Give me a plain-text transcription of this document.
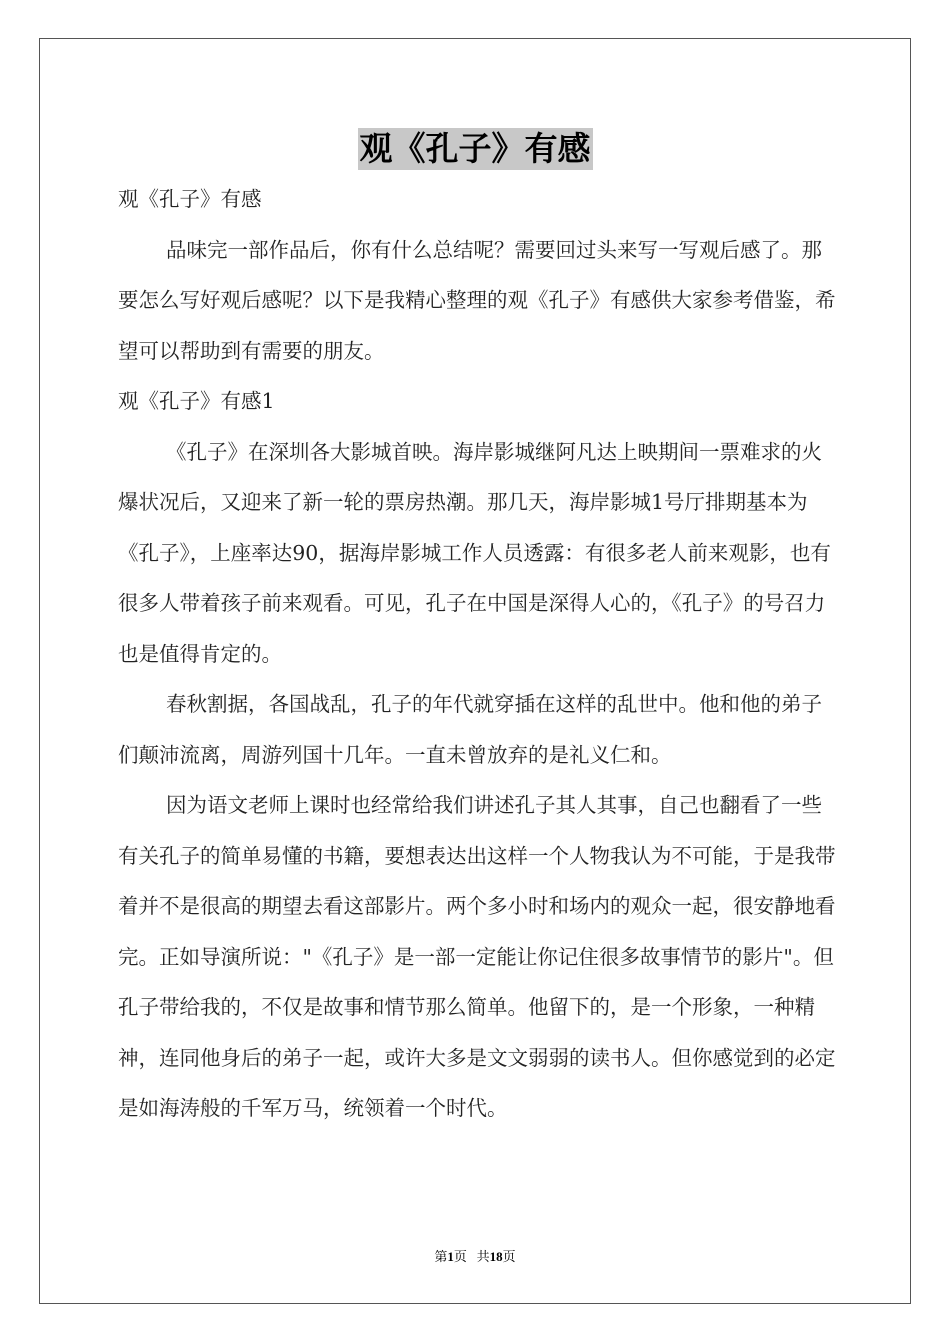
观《孔子》有感

观《孔子》有感

品味完一部作品后，你有什么总结呢？需要回过头来写一写观后感了。那要怎么写好观后感呢？以下是我精心整理的观《孔子》有感供大家参考借鉴，希望可以帮助到有需要的朋友。

观《孔子》有感1

《孔子》在深圳各大影城首映。海岸影城继阿凡达上映期间一票难求的火爆状况后，又迎来了新一轮的票房热潮。那几天，海岸影城1号厅排期基本为《孔子》，上座率达90，据海岸影城工作人员透露：有很多老人前来观影，也有很多人带着孩子前来观看。可见，孔子在中国是深得人心的，《孔子》的号召力也是值得肯定的。

春秋割据，各国战乱，孔子的年代就穿插在这样的乱世中。他和他的弟子们颠沛流离，周游列国十几年。一直未曾放弃的是礼义仁和。

因为语文老师上课时也经常给我们讲述孔子其人其事，自己也翻看了一些有关孔子的简单易懂的书籍，要想表达出这样一个人物我认为不可能，于是我带着并不是很高的期望去看这部影片。两个多小时和场内的观众一起，很安静地看完。正如导演所说："《孔子》是一部一定能让你记住很多故事情节的影片"。但孔子带给我的，不仅是故事和情节那么简单。他留下的，是一个形象，一种精神，连同他身后的弟子一起，或许大多是文文弱弱的读书人。但你感觉到的必定是如海涛般的千军万马，统领着一个时代。

第1页 共18页
